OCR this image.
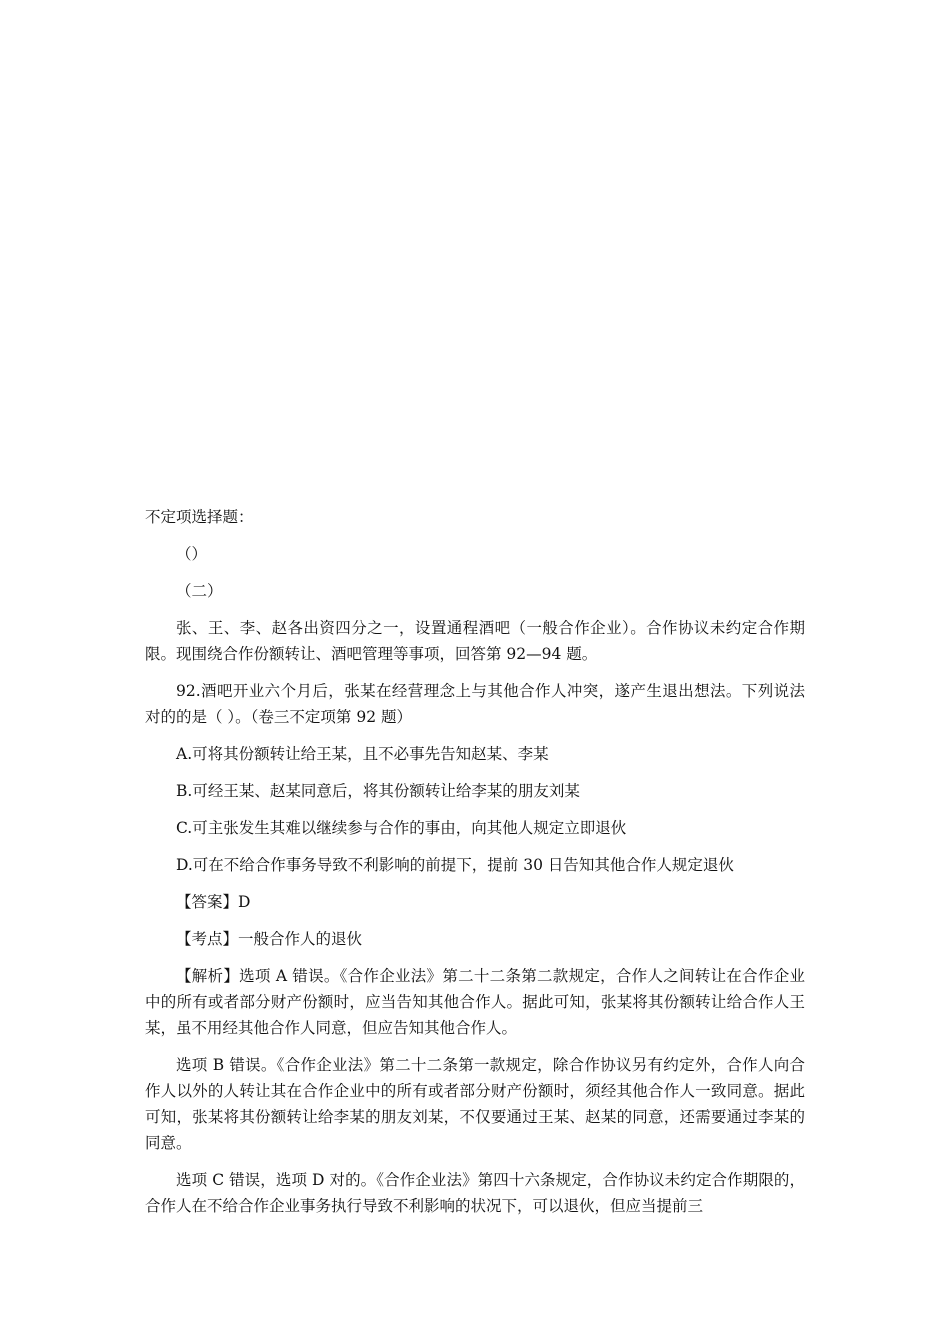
不定项选择题：

（）

（二）

张、王、李、赵各出资四分之一，设置通程酒吧（一般合作企业）。合作协议未约定合作期限。现围绕合作份额转让、酒吧管理等事项，回答第 92—94 题。

92.酒吧开业六个月后，张某在经营理念上与其他合作人冲突，遂产生退出想法。下列说法对的的是（ ）。（卷三不定项第 92 题）

A.可将其份额转让给王某，且不必事先告知赵某、李某

B.可经王某、赵某同意后，将其份额转让给李某的朋友刘某

C.可主张发生其难以继续参与合作的事由，向其他人规定立即退伙

D.可在不给合作事务导致不利影响的前提下，提前 30 日告知其他合作人规定退伙

【答案】D

【考点】一般合作人的退伙

【解析】选项 A 错误。《合作企业法》第二十二条第二款规定，合作人之间转让在合作企业中的所有或者部分财产份额时，应当告知其他合作人。据此可知，张某将其份额转让给合作人王某，虽不用经其他合作人同意，但应告知其他合作人。

选项 B 错误。《合作企业法》第二十二条第一款规定，除合作协议另有约定外，合作人向合作人以外的人转让其在合作企业中的所有或者部分财产份额时，须经其他合作人一致同意。据此可知，张某将其份额转让给李某的朋友刘某，不仅要通过王某、赵某的同意，还需要通过李某的同意。

选项 C 错误，选项 D 对的。《合作企业法》第四十六条规定，合作协议未约定合作期限的，合作人在不给合作企业事务执行导致不利影响的状况下，可以退伙，但应当提前三
